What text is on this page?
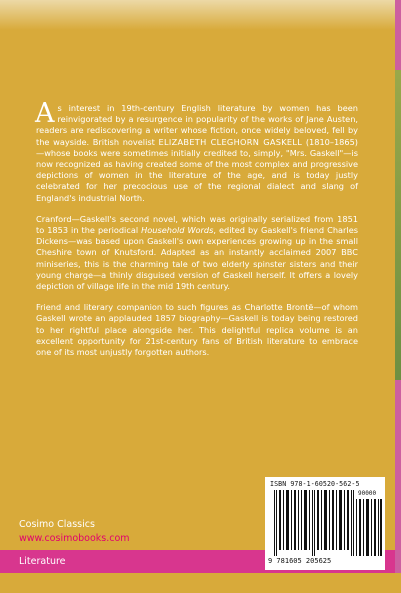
As interest in 19th-century English literature by women has been reinvigorated by a resurgence in popularity of the works of Jane Austen, readers are rediscovering a writer whose fiction, once widely beloved, fell by the wayside. British novelist ELIZABETH CLEGHORN GASKELL (1810–1865)—whose books were sometimes initially credited to, simply, "Mrs. Gaskell"—is now recognized as having created some of the most complex and progressive depictions of women in the literature of the age, and is today justly celebrated for her precocious use of the regional dialect and slang of England's industrial North.

Cranford—Gaskell's second novel, which was originally serialized from 1851 to 1853 in the periodical Household Words, edited by Gaskell's friend Charles Dickens—was based upon Gaskell's own experiences growing up in the small Cheshire town of Knutsford. Adapted as an instantly acclaimed 2007 BBC miniseries, this is the charming tale of two elderly spinster sisters and their young charge—a thinly disguised version of Gaskell herself. It offers a lovely depiction of village life in the mid 19th century.

Friend and literary companion to such figures as Charlotte Brontë—of whom Gaskell wrote an applauded 1857 biography—Gaskell is today being restored to her rightful place alongside her. This delightful replica volume is an excellent opportunity for 21st-century fans of British literature to embrace one of its most unjustly forgotten authors.

Cosimo Classics
www.cosimobooks.com
Literature
ISBN 978-1-60520-562-5
90000
9 781605 205625
